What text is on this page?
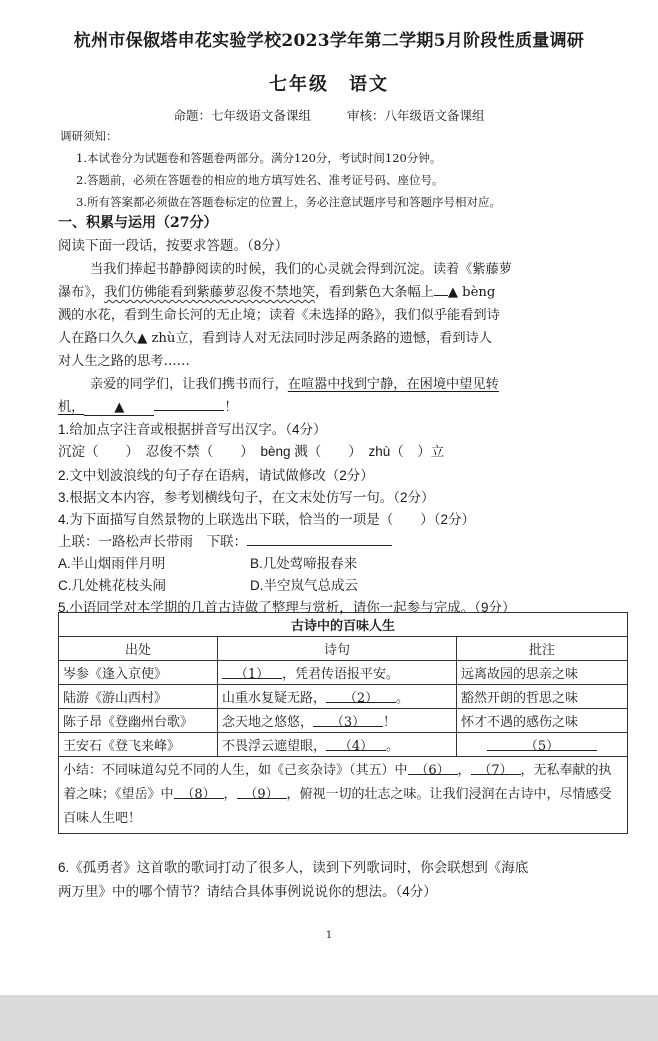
杭州市保俶塔申花实验学校2023学年第二学期5月阶段性质量调研
七年级　语文
命题：七年级语文备课组	审核：八年级语文备课组
调研须知：
1.本试卷分为试题卷和答题卷两部分。满分120分，考试时间120分钟。
2.答题前，必须在答题卷的相应的地方填写姓名、准考证号码、座位号。
3.所有答案都必须做在答题卷标定的位置上，务必注意试题序号和答题序号相对应。
一、积累与运用（27分）
阅读下面一段话，按要求答题。（8分）
当我们捧起书静静阅读的时候，我们的心灵就会得到沉淀。读着《紫藤萝
瀑布》，我们仿佛能看到紫藤萝忍俊不禁地笑，看到紫色大条幅上 ▲ bèng
溅的水花，看到生命长河的无止境；读着《未选择的路》，我们似乎能看到诗
人在路口久久▲ zhù立，看到诗人对无法同时涉足两条路的遗憾，看到诗人
对人生之路的思考……
亲爱的同学们，让我们携书而行，在喧嚣中找到宁静，在困境中望见转
机， ▲	！
1.给加点字注音或根据拼音写出汉字。（4分）
沉淀（　　）　忍俊不禁（　　）　bèng 溅（　　）　zhù（　）立
2.文中划波浪线的句子存在语病，请试做修改（2分）
3.根据文本内容，参考划横线句子，在文末处仿写一句。（2分）
4.为下面描写自然景物的上联选出下联，恰当的一项是（　　）（2分）
上联：一路松声长带雨　下联：
A.半山烟雨伴月明	B.几处莺啼报春来
C.几处桃花枝头闹	D.半空岚气总成云
5.小语同学对本学期的几首古诗做了整理与赏析，请你一起参与完成。（9分）
古诗中的百味人生		
出处	诗句	批注
岑参《逢入京使》	（1） ，凭君传语报平安。	远离故园的思亲之味
陆游《游山西村》	山重水复疑无路， （2） 。	豁然开朗的哲思之味
陈子昂《登幽州台歌》	念天地之悠悠， （3） ！	怀才不遇的感伤之味
王安石《登飞来峰》	不畏浮云遮望眼， （4） 。	（5）
小结：不同味道勾兑不同的人生，如《己亥杂诗》（其五）中 （6） ， （7） ，无私奉献的执着之味；《望岳》中 （8） ， （9） ，俯视一切的壮志之味。让我们浸润在古诗中，尽情感受百味人生吧！		
6.《孤勇者》这首歌的歌词打动了很多人，读到下列歌词时，你会联想到《海底
两万里》中的哪个情节？请结合具体事例说说你的想法。（4分）
1
